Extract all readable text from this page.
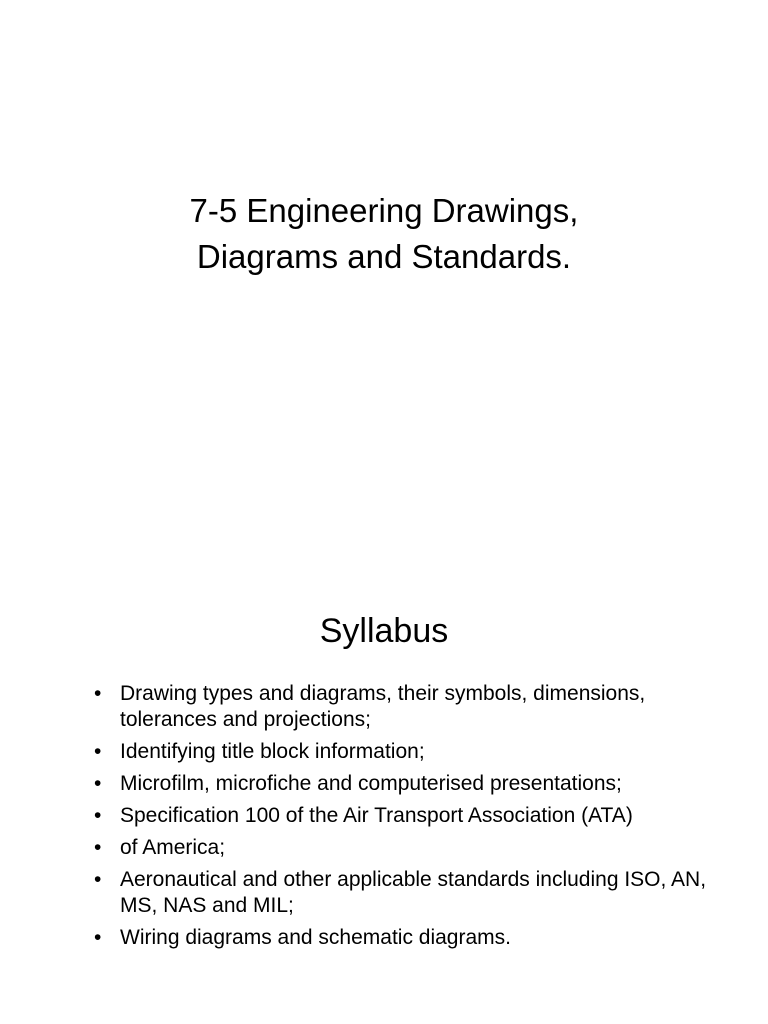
7-5 Engineering Drawings,
Diagrams and Standards.
Syllabus
• Drawing types and diagrams, their symbols, dimensions, tolerances and projections;
• Identifying title block information;
• Microfilm, microfiche and computerised presentations;
• Specification 100 of the Air Transport Association (ATA)
• of America;
• Aeronautical and other applicable standards including ISO, AN, MS, NAS and MIL;
• Wiring diagrams and schematic diagrams.
